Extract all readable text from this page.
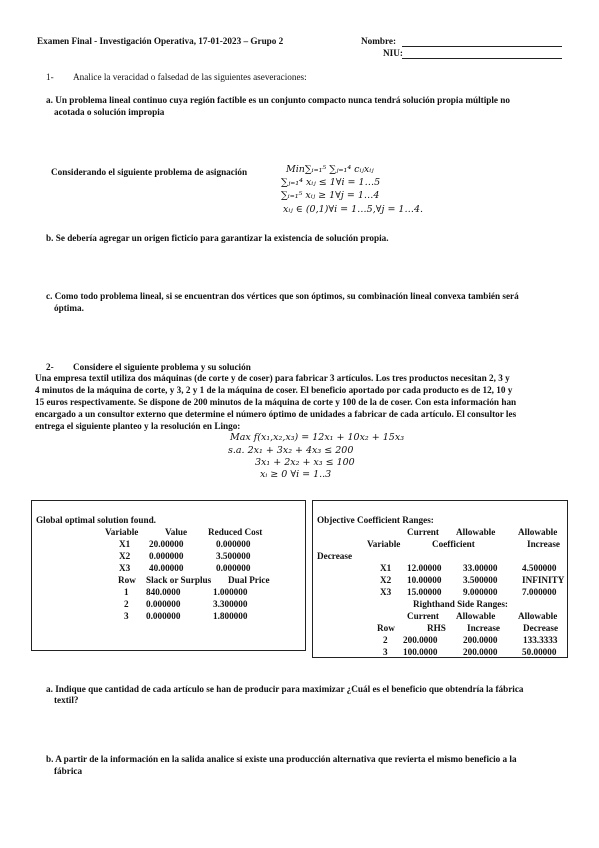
Examen Final - Investigación Operativa, 17-01-2023 – Grupo 2	Nombre:
NIU:
1- Analice la veracidad o falsedad de las siguientes aseveraciones:
a. Un problema lineal continuo cuya región factible es un conjunto compacto nunca tendrá solución propia múltiple no
acotada o solución impropia
Considerando el siguiente problema de asignación	Min∑ᵢ₌₁⁵ ∑ⱼ₌₁⁴ cᵢⱼxᵢⱼ
∑ⱼ₌₁⁴ xᵢⱼ ≤ 1∀i = 1…5
∑ᵢ₌₁⁵ xᵢⱼ ≥ 1∀j = 1…4
xᵢⱼ ∈ (0,1)∀i = 1…5,∀j = 1…4.
b. Se debería agregar un origen ficticio para garantizar la existencia de solución propia.
c. Como todo problema lineal, si se encuentran dos vértices que son óptimos, su combinación lineal convexa también será
óptima.
2- Considere el siguiente problema y su solución
Una empresa textil utiliza dos máquinas (de corte y de coser) para fabricar 3 artículos. Los tres productos necesitan 2, 3 y
4 minutos de la máquina de corte, y 3, 2 y 1 de la máquina de coser. El beneficio aportado por cada producto es de 12, 10 y
15 euros respectivamente. Se dispone de 200 minutos de la máquina de corte y 100 de la de coser. Con esta información han
encargado a un consultor externo que determine el número óptimo de unidades a fabricar de cada artículo. El consultor les
entrega el siguiente planteo y la resolución en Lingo:
Max f(x₁,x₂,x₃) = 12x₁ + 10x₂ + 15x₃
s.a. 2x₁ + 3x₂ + 4x₃ ≤ 200
3x₁ + 2x₂ + x₃ ≤ 100
xᵢ ≥ 0 ∀i = 1..3
Global optimal solution found.
Variable	Value Reduced Cost
X1 20.00000	0.000000
X2 0.000000	3.500000
X3 40.00000	0.000000
Row Slack or Surplus Dual Price
1 840.0000	1.000000
2 0.000000	3.300000
3 0.000000	1.800000
Objective Coefficient Ranges:
Current Allowable Allowable
Variable	Coefficient	Increase
Decrease
X1 12.00000 33.00000	4.500000
X2 10.00000 3.500000	INFINITY
X3 15.00000 9.000000	7.000000
Righthand Side Ranges:
Current Allowable Allowable
Row	RHS Increase	Decrease
2 200.0000	200.0000	133.3333
3 100.0000	200.0000	50.00000
a. Indique que cantidad de cada artículo se han de producir para maximizar ¿Cuál es el beneficio que obtendría la fábrica
textil?
b. A partir de la información en la salida analice si existe una producción alternativa que revierta el mismo beneficio a la
fábrica
